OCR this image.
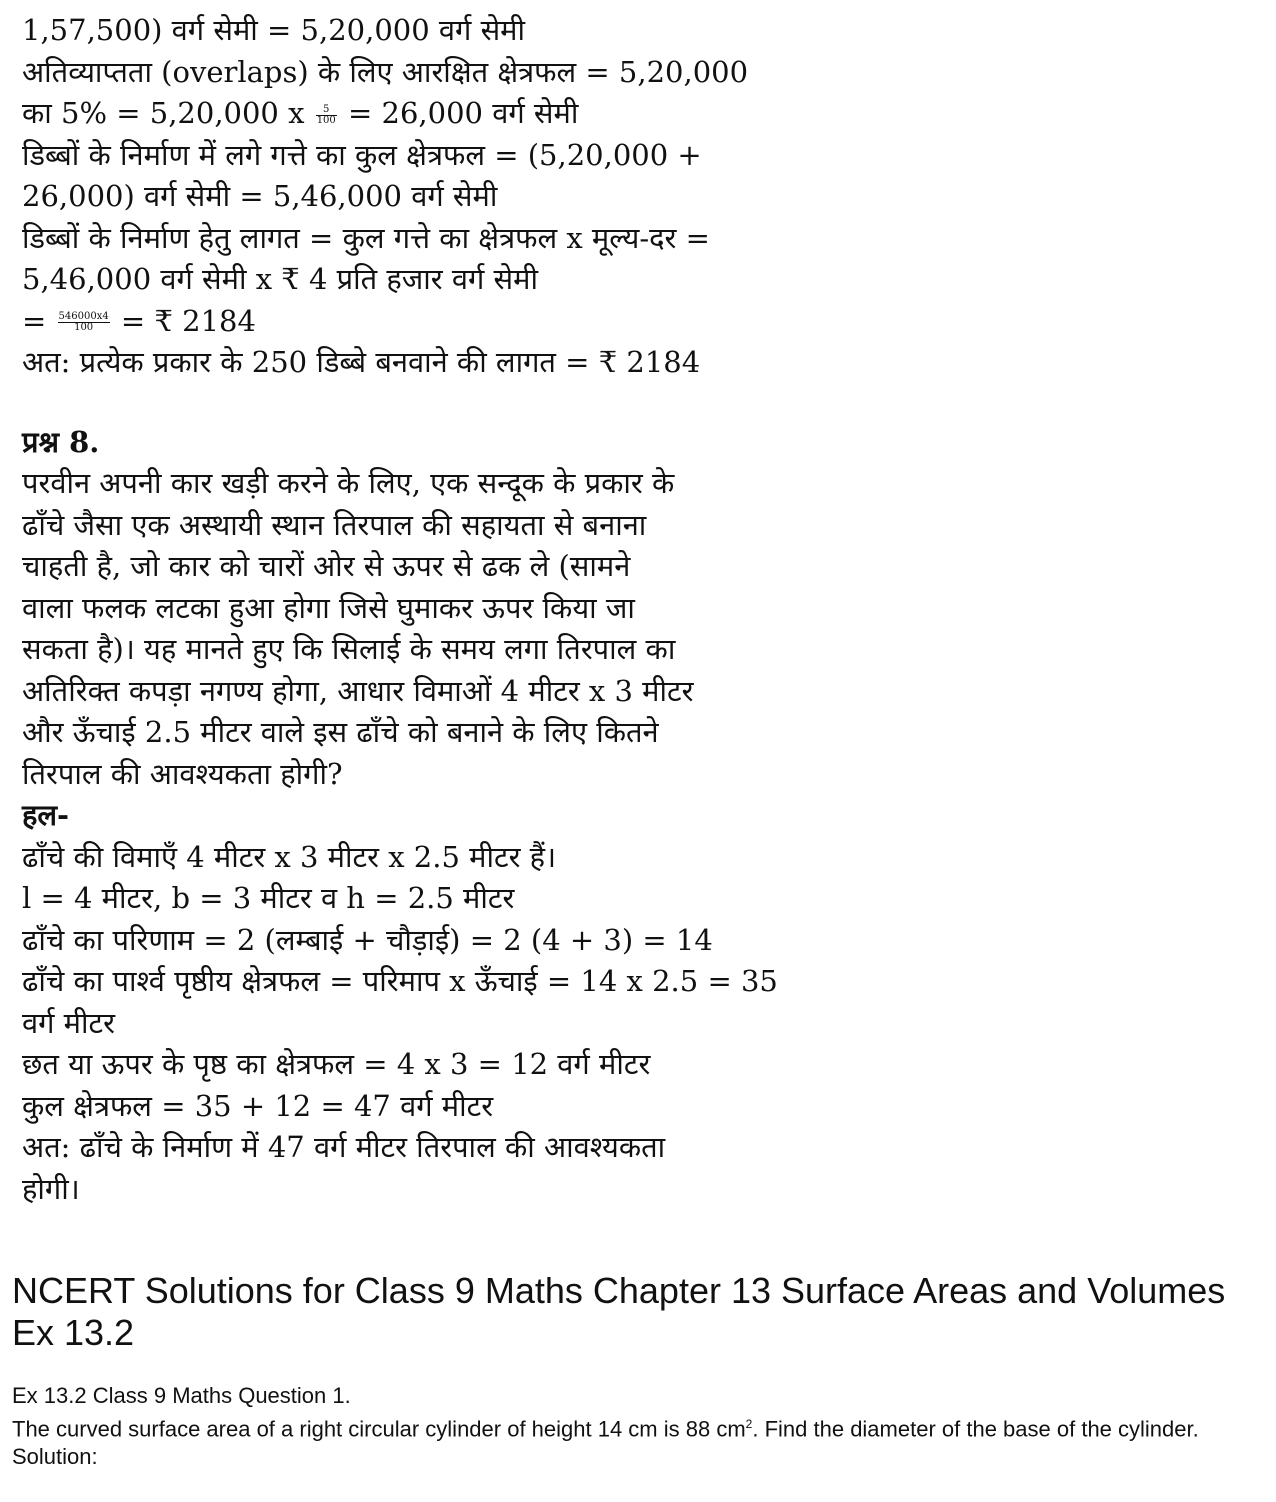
1,57,500) वर्ग सेमी = 5,20,000 वर्ग सेमी
अतिव्याप्तता (overlaps) के लिए आरक्षित क्षेत्रफल = 5,20,000
का 5% = 5,20,000 x $\frac{5}{100} = 26,000$ वर्ग सेमी
डिब्बों के निर्माण में लगे गत्ते का कुल क्षेत्रफल = (5,20,000 +
26,000) वर्ग सेमी = 5,46,000 वर्ग सेमी
डिब्बों के निर्माण हेतु लागत = कुल गत्ते का क्षेत्रफल x मूल्य-दर =
5,46,000 वर्ग सेमी x ₹ 4 प्रति हजार वर्ग सेमी
= $\frac{546000x4}{100}$ = ₹ 2184
अत: प्रत्येक प्रकार के 250 डिब्बे बनवाने की लागत = ₹ 2184
प्रश्न 8.
परवीन अपनी कार खड़ी करने के लिए, एक सन्दूक के प्रकार के
ढाँचे जैसा एक अस्थायी स्थान तिरपाल की सहायता से बनाना
चाहती है, जो कार को चारों ओर से ऊपर से ढक ले (सामने
वाला फलक लटका हुआ होगा जिसे घुमाकर ऊपर किया जा
सकता है)। यह मानते हुए कि सिलाई के समय लगा तिरपाल का
अतिरिक्त कपड़ा नगण्य होगा, आधार विमाओं 4 मीटर x 3 मीटर
और ऊँचाई 2.5 मीटर वाले इस ढाँचे को बनाने के लिए कितने
तिरपाल की आवश्यकता होगी?
हल-
ढाँचे की विमाएँ 4 मीटर x 3 मीटर x 2.5 मीटर हैं।
l = 4 मीटर, b = 3 मीटर व h = 2.5 मीटर
ढाँचे का परिणाम = 2 (लम्बाई + चौड़ाई) = 2 (4 + 3) = 14
ढाँचे का पार्श्व पृष्ठीय क्षेत्रफल = परिमाप x ऊँचाई = 14 x 2.5 = 35
वर्ग मीटर
छत या ऊपर के पृष्ठ का क्षेत्रफल = 4 x 3 = 12 वर्ग मीटर
कुल क्षेत्रफल = 35 + 12 = 47 वर्ग मीटर
अत: ढाँचे के निर्माण में 47 वर्ग मीटर तिरपाल की आवश्यकता
होगी।
NCERT Solutions for Class 9 Maths Chapter 13 Surface Areas and Volumes Ex 13.2

Ex 13.2 Class 9 Maths Question 1.

The curved surface area of a right circular cylinder of height 14 cm is 88 $cm^2$. Find the diameter of the base of the cylinder.

Solution:
